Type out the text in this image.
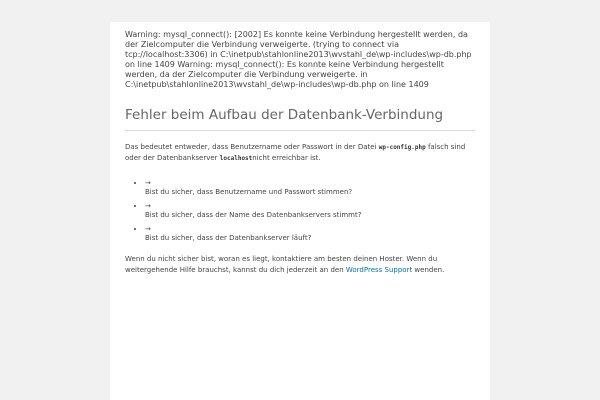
Warning: mysql_connect(): [2002] Es konnte keine Verbindung hergestellt werden, da der Zielcomputer die Verbindung verweigerte. (trying to connect via tcp://localhost:3306) in C:\inetpub\stahlonline2013\wvstahl_de\wp-includes\wp-db.php on line 1409 Warning: mysql_connect(): Es konnte keine Verbindung hergestellt werden, da der Zielcomputer die Verbindung verweigerte. in C:\inetpub\stahlonline2013\wvstahl_de\wp-includes\wp-db.php on line 1409
Fehler beim Aufbau der Datenbank-Verbindung

Das bedeutet entweder, dass Benutzername oder Passwort in der Datei wp-config.php falsch sind oder der Datenbankserver localhostnicht erreichbar ist.

• →
Bist du sicher, dass Benutzername und Passwort stimmen?
• →
Bist du sicher, dass der Name des Datenbankservers stimmt?
• →
Bist du sicher, dass der Datenbankserver läuft?

Wenn du nicht sicher bist, woran es liegt, kontaktiere am besten deinen Hoster. Wenn du weitergehende Hilfe brauchst, kannst du dich jederzeit an den WordPress Support wenden.
